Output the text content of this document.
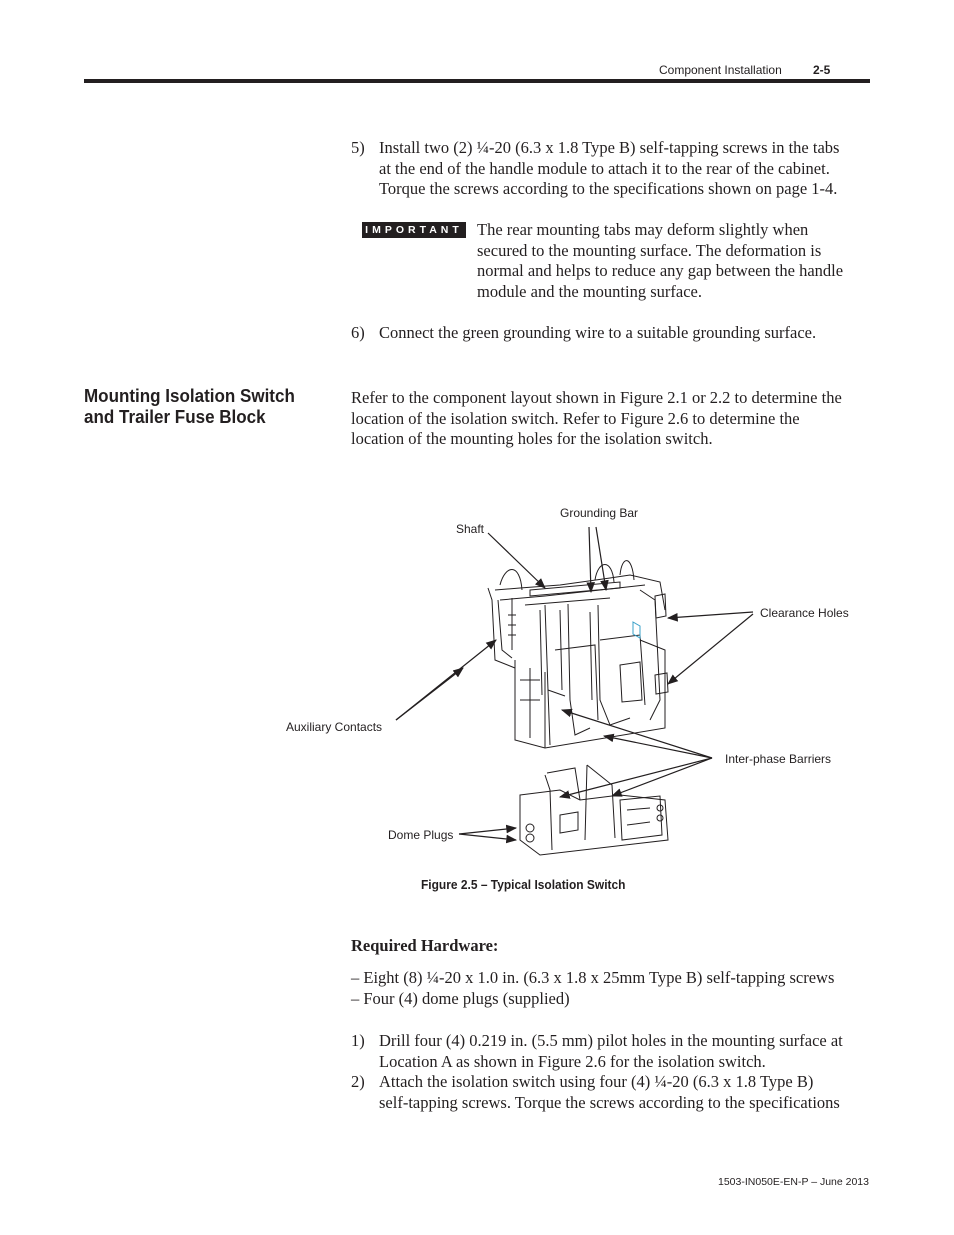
Component Installation	2-5
5) Install two (2) ¼-20 (6.3 x 1.8 Type B) self-tapping screws in the tabs
at the end of the handle module to attach it to the rear of the cabinet.
Torque the screws according to the specifications shown on page 1-4.
IMPORTANT The rear mounting tabs may deform slightly when
secured to the mounting surface. The deformation is
normal and helps to reduce any gap between the handle
module and the mounting surface.
6) Connect the green grounding wire to a suitable grounding surface.
Mounting Isolation Switch
and Trailer Fuse Block
Refer to the component layout shown in Figure 2.1 or 2.2 to determine the
location of the isolation switch. Refer to Figure 2.6 to determine the
location of the mounting holes for the isolation switch.
Grounding Bar
Shaft
Clearance Holes
Auxiliary Contacts
Inter-phase Barriers
Dome Plugs
Figure 2.5 – Typical Isolation Switch
Required Hardware:
– Eight (8) ¼-20 x 1.0 in. (6.3 x 1.8 x 25mm Type B) self-tapping screws
– Four (4) dome plugs (supplied)
1) Drill four (4) 0.219 in. (5.5 mm) pilot holes in the mounting surface at
Location A as shown in Figure 2.6 for the isolation switch.
2) Attach the isolation switch using four (4) ¼-20 (6.3 x 1.8 Type B)
self-tapping screws. Torque the screws according to the specifications
1503-IN050E-EN-P – June 2013
